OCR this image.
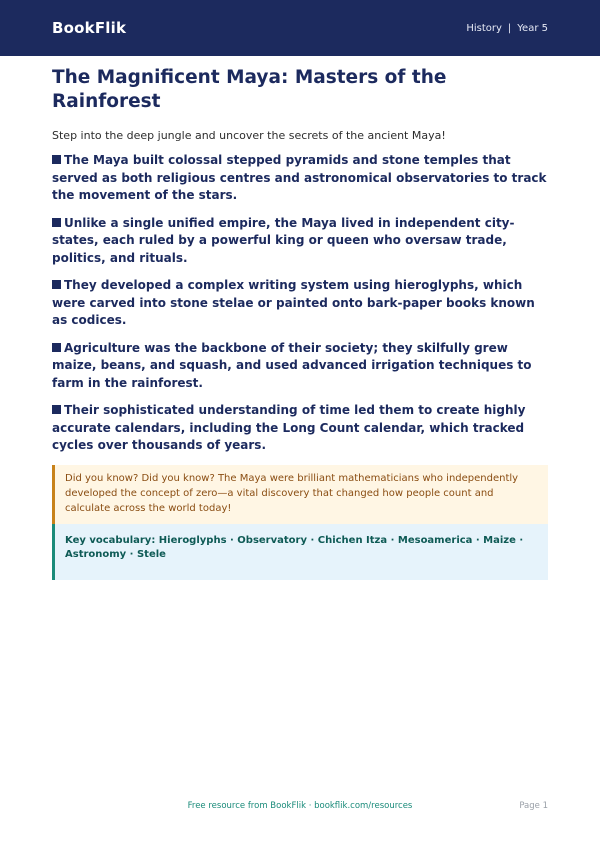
BookFlik	History | Year 5
The Magnificent Maya: Masters of the Rainforest

Step into the deep jungle and uncover the secrets of the ancient Maya!

The Maya built colossal stepped pyramids and stone temples that served as both religious centres and astronomical observatories to track the movement of the stars.
Unlike a single unified empire, the Maya lived in independent city-states, each ruled by a powerful king or queen who oversaw trade, politics, and rituals.
They developed a complex writing system using hieroglyphs, which were carved into stone stelae or painted onto bark-paper books known as codices.
Agriculture was the backbone of their society; they skilfully grew maize, beans, and squash, and used advanced irrigation techniques to farm in the rainforest.
Their sophisticated understanding of time led them to create highly accurate calendars, including the Long Count calendar, which tracked cycles over thousands of years.
Did you know? Did you know? The Maya were brilliant mathematicians who independently developed the concept of zero—a vital discovery that changed how people count and calculate across the world today!
Key vocabulary: Hieroglyphs · Observatory · Chichen Itza · Mesoamerica · Maize · Astronomy · Stele
Free resource from BookFlik · bookflik.com/resources	Page 1
